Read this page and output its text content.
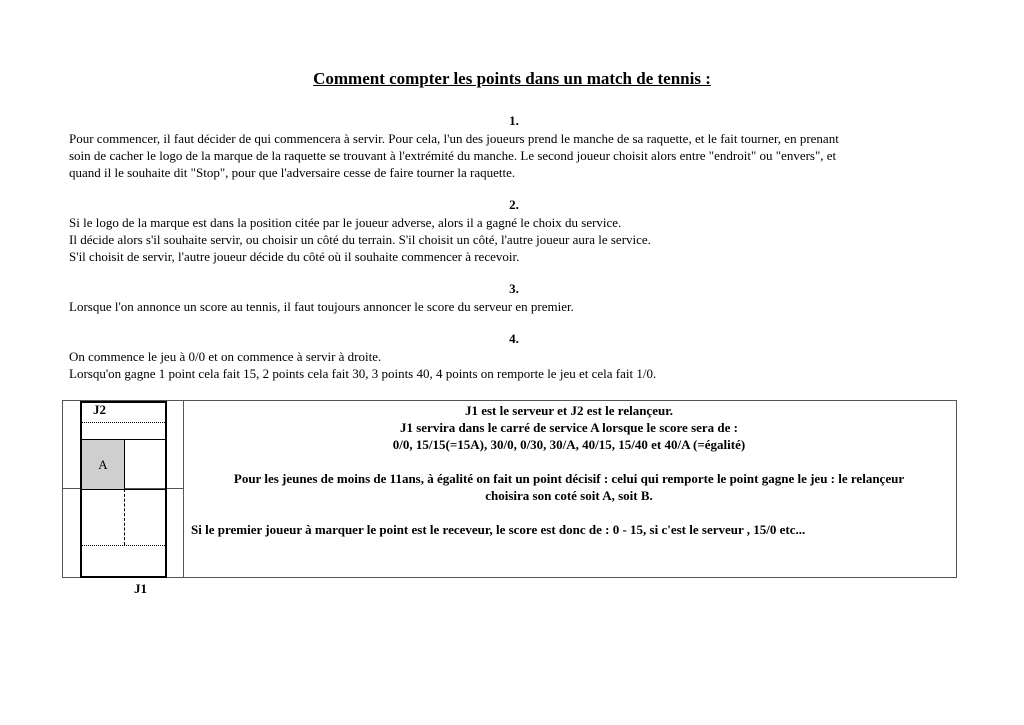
Comment compter les points dans un match de tennis :
1.
Pour commencer, il faut décider de qui commencera à servir. Pour cela, l'un des joueurs prend le manche de sa raquette, et le fait tourner, en prenant
soin de cacher le logo de la marque de la raquette se trouvant à l'extrémité du manche. Le second joueur choisit alors entre "endroit" ou "envers", et
quand il le souhaite dit "Stop", pour que l'adversaire cesse de faire tourner la raquette.
2.
Si le logo de la marque est dans la position citée par le joueur adverse, alors il a gagné le choix du service.
Il décide alors s'il souhaite servir, ou choisir un côté du terrain. S'il choisit un côté, l'autre joueur aura le service.
S'il choisit de servir, l'autre joueur décide du côté où il souhaite commencer à recevoir.
3.
Lorsque l'on annonce un score au tennis, il faut toujours annoncer le score du serveur en premier.
4.
On commence le jeu à 0/0 et on commence à servir à droite.
Lorsqu'on gagne 1 point cela fait 15, 2 points cela fait 30, 3 points 40, 4 points on remporte le jeu et cela fait 1/0.
A
J2	J1 est le serveur et J2 est le relançeur.
J1 servira dans le carré de service A lorsque le score sera de :
0/0, 15/15(=15A), 30/0, 0/30, 30/A, 40/15, 15/40 et 40/A (=égalité)
Pour les jeunes de moins de 11ans, à égalité on fait un point décisif : celui qui remporte le point gagne le jeu : le relançeur
choisira son coté soit A, soit B.
Si le premier joueur à marquer le point est le receveur, le score est donc de : 0 - 15, si c'est le serveur , 15/0 etc...
J1
